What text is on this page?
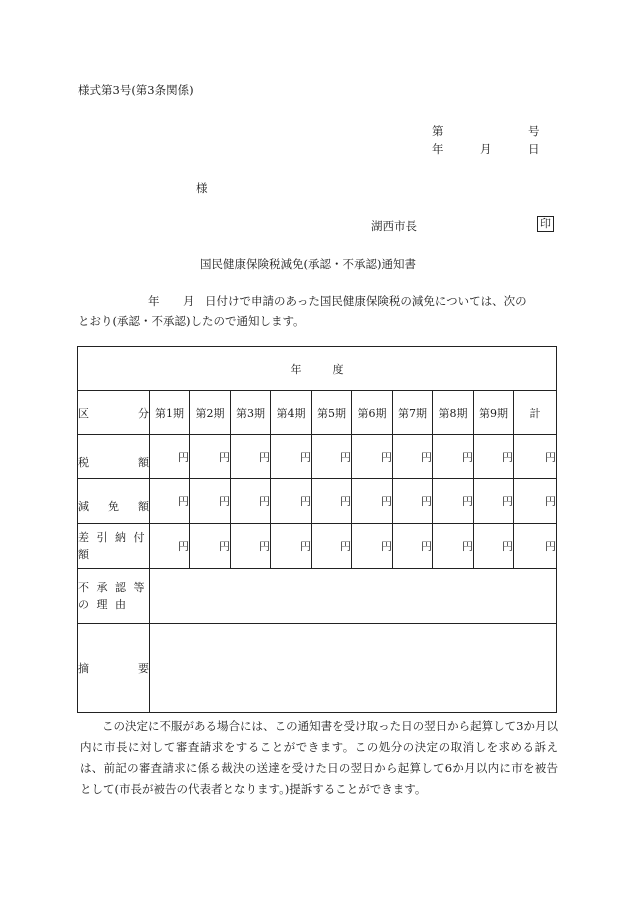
様式第3号(第3条関係)
第	号
年	月	日
様
湖西市長	印
国民健康保険税減免(承認・不承認)通知書
年 月 日付けで申請のあった国民健康保険税の減免については、次の
とおり(承認・不承認)したので通知します。
年 度										

区 分	第1期	第2期	第3期	第4期	第5期	第6期	第7期	第8期	第9期	計

税 額	円	円	円	円	円	円	円	円	円	円

減 免 額	円	円	円	円	円	円	円	円	円	円

差 引 納 付
額	円	円	円	円	円	円	円	円	円	円

不 承 認 等
の 理 由										

摘 要										

この決定に不服がある場合には、この通知書を受け取った日の翌日から起算して3か月以内に市長に対して審査請求をすることができます。この処分の決定の取消しを求める訴えは、前記の審査請求に係る裁決の送達を受けた日の翌日から起算して6か月以内に市を被告として(市長が被告の代表者となります。)提訴することができます。
